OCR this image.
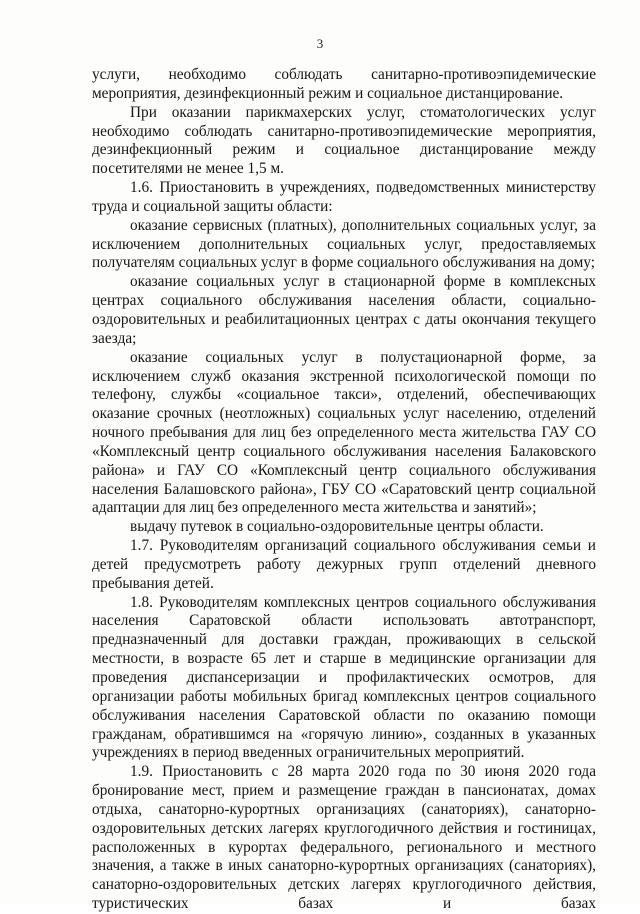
3

услуги, необходимо соблюдать санитарно-противоэпидемические мероприятия, дезинфекционный режим и социальное дистанцирование.

При оказании парикмахерских услуг, стоматологических услуг необходимо соблюдать санитарно-противоэпидемические мероприятия, дезинфекционный режим и социальное дистанцирование между посетителями не менее 1,5 м.

1.6. Приостановить в учреждениях, подведомственных министерству труда и социальной защиты области:

оказание сервисных (платных), дополнительных социальных услуг, за исключением дополнительных социальных услуг, предоставляемых получателям социальных услуг в форме социального обслуживания на дому;

оказание социальных услуг в стационарной форме в комплексных центрах социального обслуживания населения области, социально-оздоровительных и реабилитационных центрах с даты окончания текущего заезда;

оказание социальных услуг в полустационарной форме, за исключением служб оказания экстренной психологической помощи по телефону, службы «социальное такси», отделений, обеспечивающих оказание срочных (неотложных) социальных услуг населению, отделений ночного пребывания для лиц без определенного места жительства ГАУ СО «Комплексный центр социального обслуживания населения Балаковского района» и ГАУ СО «Комплексный центр социального обслуживания населения Балашовского района», ГБУ СО «Саратовский центр социальной адаптации для лиц без определенного места жительства и занятий»;

выдачу путевок в социально-оздоровительные центры области.

1.7. Руководителям организаций социального обслуживания семьи и детей предусмотреть работу дежурных групп отделений дневного пребывания детей.

1.8. Руководителям комплексных центров социального обслуживания населения Саратовской области использовать автотранспорт, предназначенный для доставки граждан, проживающих в сельской местности, в возрасте 65 лет и старше в медицинские организации для проведения диспансеризации и профилактических осмотров, для организации работы мобильных бригад комплексных центров социального обслуживания населения Саратовской области по оказанию помощи гражданам, обратившимся на «горячую линию», созданных в указанных учреждениях в период введенных ограничительных мероприятий.

1.9. Приостановить с 28 марта 2020 года по 30 июня 2020 года бронирование мест, прием и размещение граждан в пансионатах, домах отдыха, санаторно-курортных организациях (санаториях), санаторно-оздоровительных детских лагерях круглогодичного действия и гостиницах, расположенных в курортах федерального, регионального и местного значения, а также в иных санаторно-курортных организациях (санаториях), санаторно-оздоровительных детских лагерях круглогодичного действия, туристических базах и базах
